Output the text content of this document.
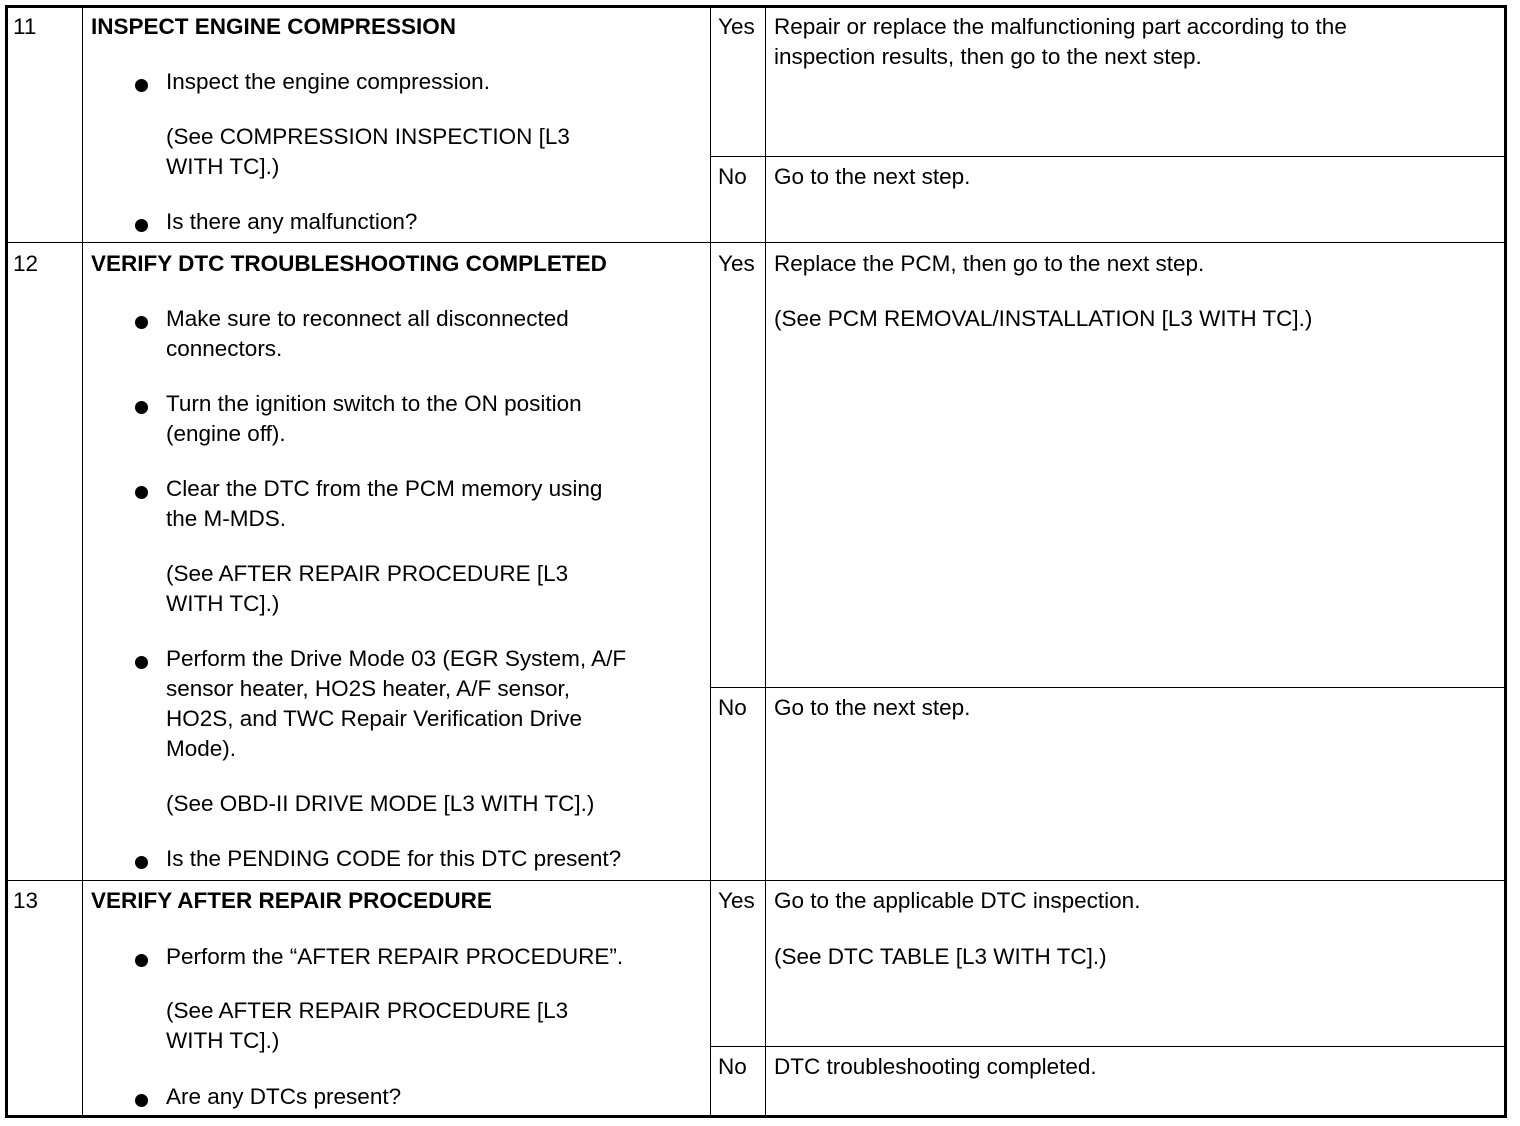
11 INSPECT ENGINE COMPRESSION
Inspect the engine compression.
(See COMPRESSION INSPECTION [L3
WITH TC].)
Is there any malfunction?
Yes Repair or replace the malfunctioning part according to the
inspection results, then go to the next step.
No Go to the next step.
12 VERIFY DTC TROUBLESHOOTING COMPLETED
Make sure to reconnect all disconnected
connectors.
Turn the ignition switch to the ON position
(engine off).
Clear the DTC from the PCM memory using
the M-MDS.
(See AFTER REPAIR PROCEDURE [L3
WITH TC].)
Perform the Drive Mode 03 (EGR System, A/F
sensor heater, HO2S heater, A/F sensor,
HO2S, and TWC Repair Verification Drive
Mode).
(See OBD-II DRIVE MODE [L3 WITH TC].)
Is the PENDING CODE for this DTC present?
Yes Replace the PCM, then go to the next step.
(See PCM REMOVAL/INSTALLATION [L3 WITH TC].)
No Go to the next step.
13 VERIFY AFTER REPAIR PROCEDURE
Perform the “AFTER REPAIR PROCEDURE”.
(See AFTER REPAIR PROCEDURE [L3
WITH TC].)
Are any DTCs present?
Yes Go to the applicable DTC inspection.
(See DTC TABLE [L3 WITH TC].)
No DTC troubleshooting completed.
